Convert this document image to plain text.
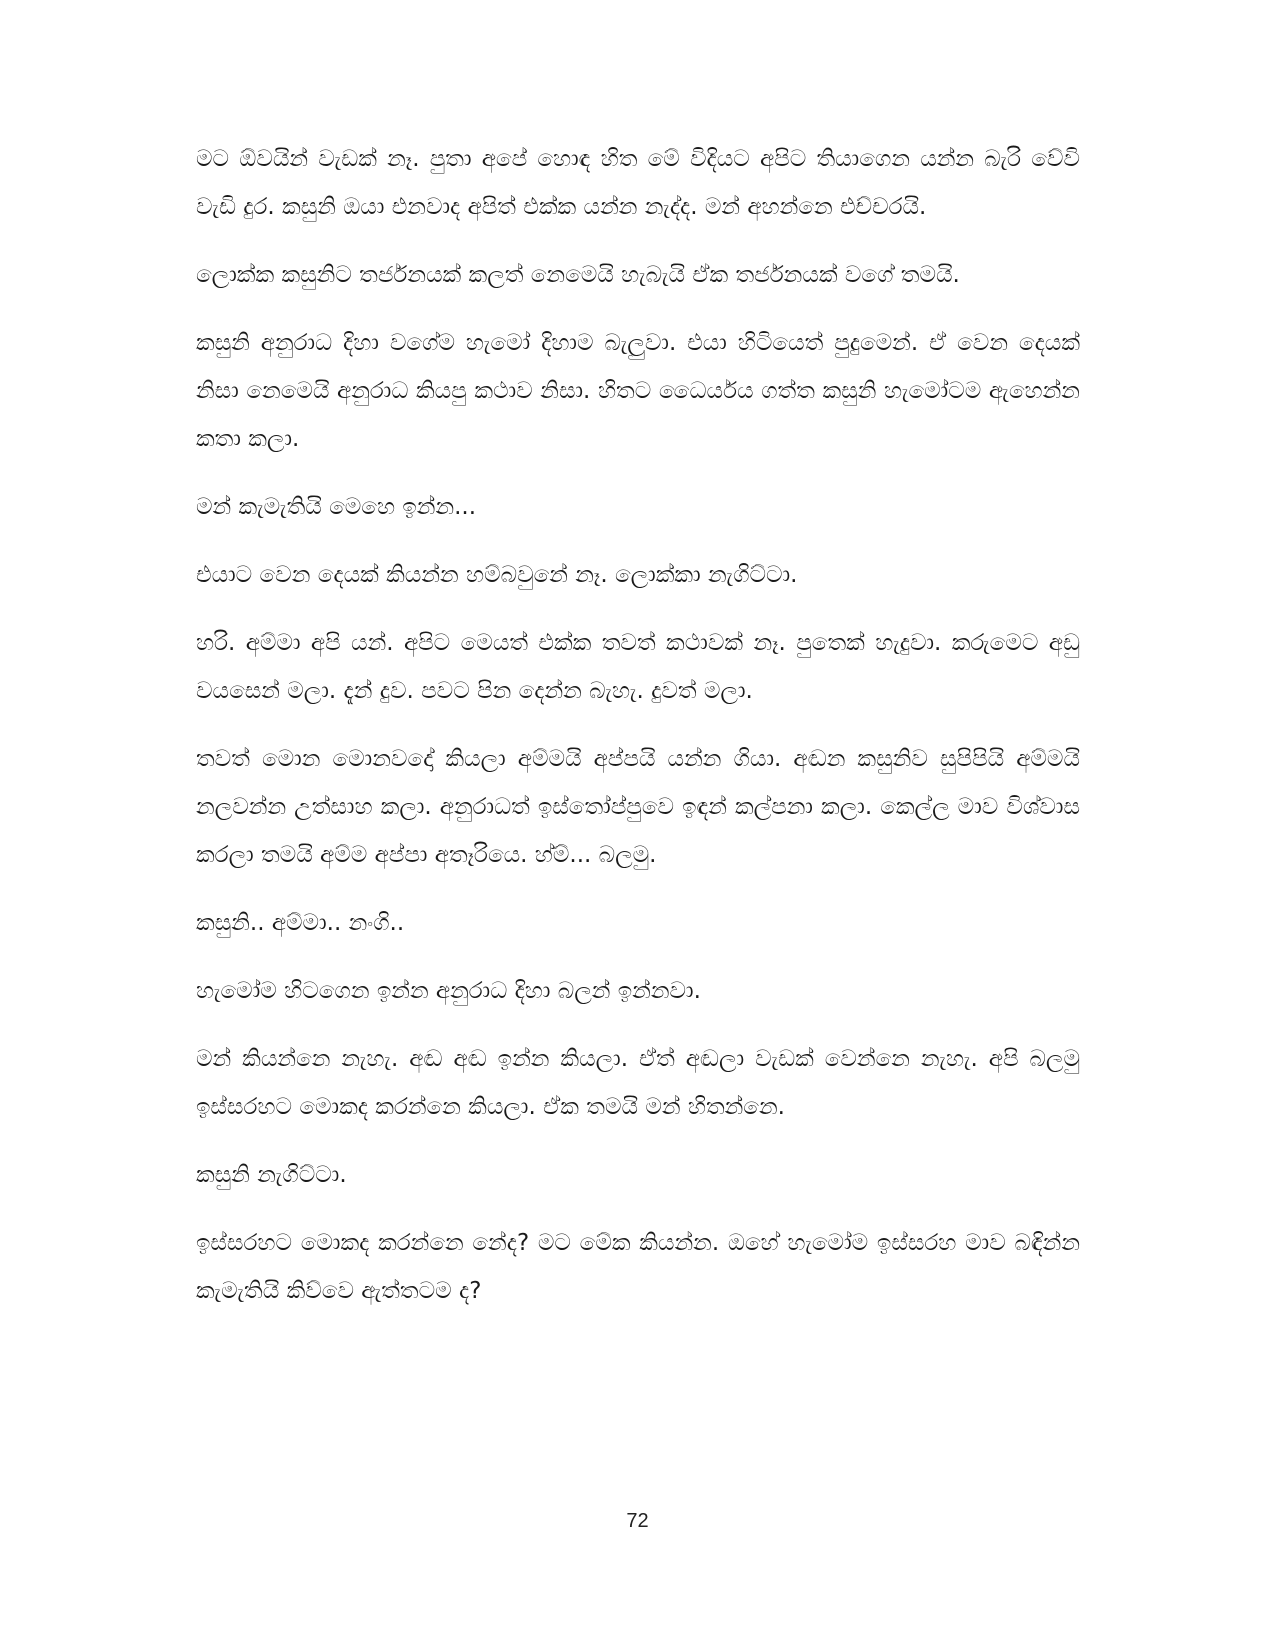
මට ඕවයින් වැඩක් නෑ. පුතා අපේ හොඳ හිත මේ විදියට අපිට තියාගෙන යන්න බැරි වේවි වැඩි දුර. කසුනි ඔයා එනවාද අපිත් එක්ක යන්න නැද්ද. මන් අහන්නෙ එච්චරයි.

ලොක්ක කසුනිට තර්ජනයක් කලත් නෙමෙයි හැබැයි ඒක තර්ජනයක් වගේ තමයි.

කසුනි අනුරාධ දිහා වගේම හැමෝ දිහාම බැලුවා. එයා හිටියෙත් පුදුමෙන්. ඒ වෙන දෙයක් නිසා නෙමෙයි අනුරාධ කියපු කථාව නිසා. හිතට ධෛර්යය ගත්ත කසුනි හැමෝටම ඇහෙන්න කතා කලා.

මන් කැමැතියි මෙහෙ ඉන්න...

එයාට වෙන දෙයක් කියන්න හම්බවුනේ නෑ. ලොක්කා නැගිට්ටා.

හරි. අම්මා අපි යන්. අපිට මෙයත් එක්ක තවත් කථාවක් නෑ. පුතෙක් හැදුවා. කරුමෙට අඩු වයසෙන් මලා. දැන් දුව. පවට පින දෙන්න බැහැ. දුවත් මලා.

තවත් මොන මොනවදෝ කියලා අම්මයි අප්පයි යන්න ගියා. අඬන කසුනිව සුපිපියි අම්මයි නලවන්න උත්සාහ කලා. අනුරාධත් ඉස්තෝප්පුවෙ ඉඳන් කල්පනා කලා. කෙල්ල මාව විශ්වාස කරලා තමයි අම්ම අප්පා අතෑරියෙ. හ්ම්... බලමු.

කසුනි.. අම්මා.. නංගි..

හැමෝම හිටගෙන ඉන්න අනුරාධ දිහා බලන් ඉන්නවා.

මන් කියන්නෙ නැහැ. අඬ අඬ ඉන්න කියලා. ඒත් අඬලා වැඩක් වෙන්නෙ නැහැ. අපි බලමු ඉස්සරහට මොකද කරන්නෙ කියලා. ඒක තමයි මන් හිතන්නෙ.

කසුනි නැගිට්ටා.

ඉස්සරහට මොකද කරන්නෙ නේද? මට මේක කියන්න. ඔහේ හැමෝම ඉස්සරහ මාව බඳින්න කැමැතියි කිව්වෙ ඇත්තටම ද?

72
